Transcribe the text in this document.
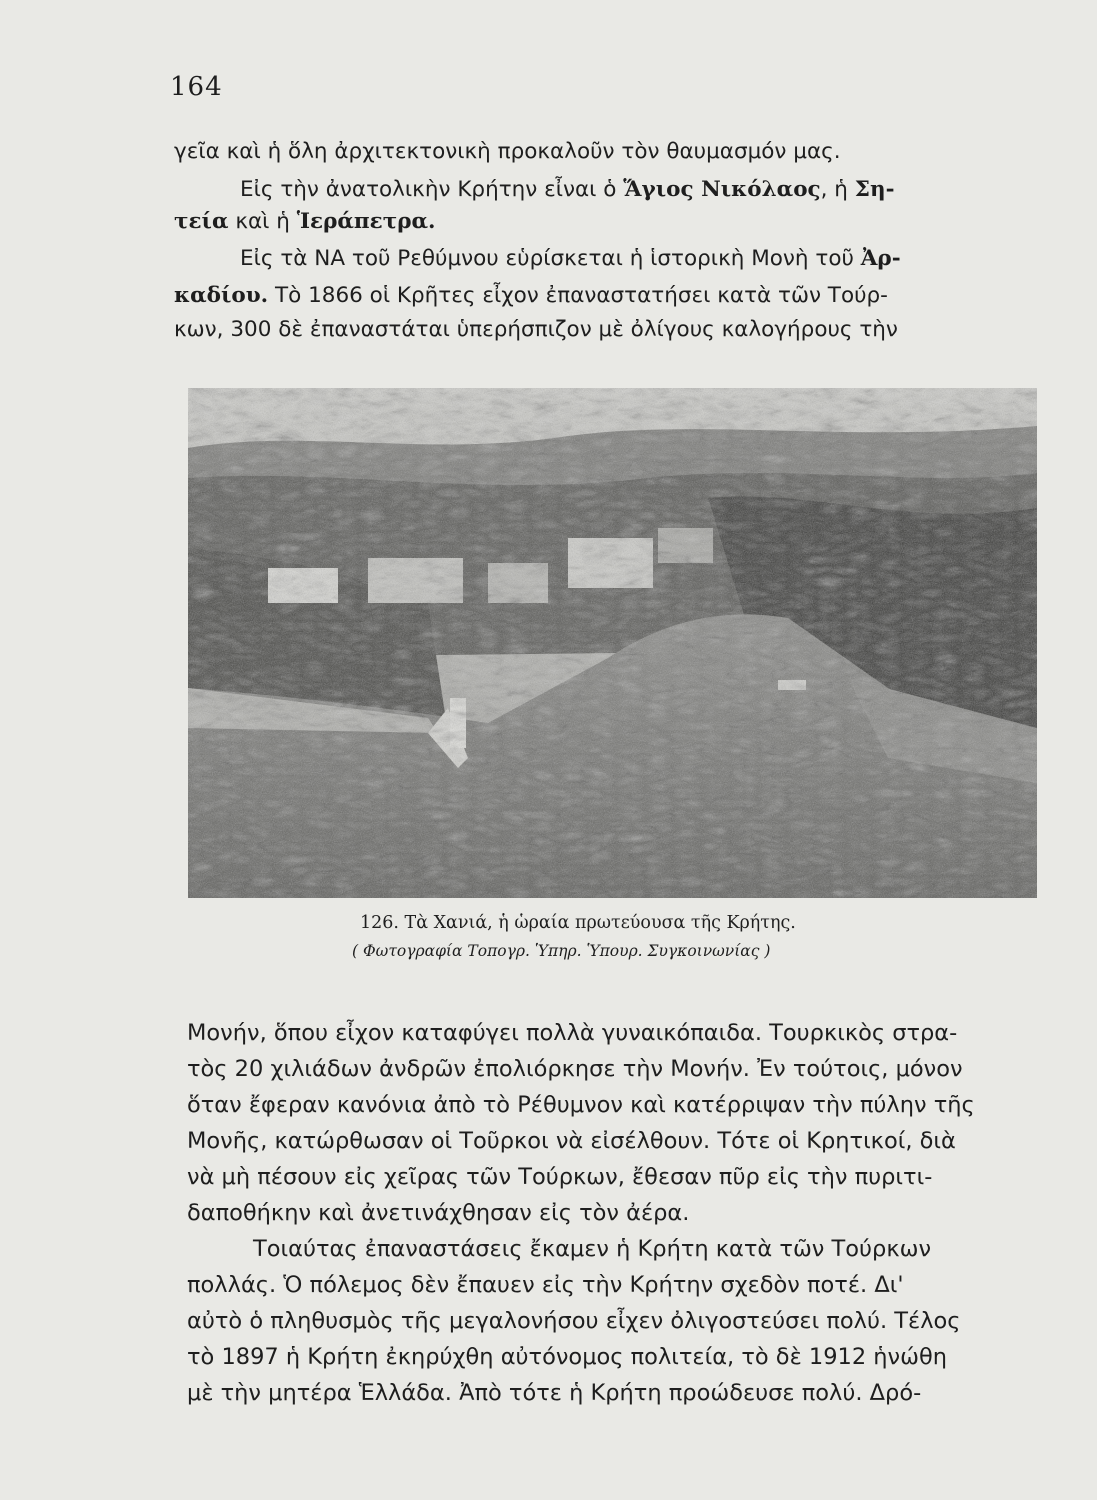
164

γεῖα καὶ ἡ ὅλη ἀρχιτεκτονικὴ προκαλοῦν τὸν θαυμασμόν μας.

Εἰς τὴν ἀνατολικὴν Κρήτην εἶναι ὁ Ἅγιος Νικόλαος, ἡ Ση-

τεία καὶ ἡ Ἱεράπετρα.

Εἰς τὰ ΝΑ τοῦ Ρεθύμνου εὑρίσκεται ἡ ἱστορικὴ Μονὴ τοῦ Ἀρ-

καδίου. Τὸ 1866 οἱ Κρῆτες εἶχον ἐπαναστατήσει κατὰ τῶν Τούρ-

κων, 300 δὲ ἐπαναστάται ὑπερήσπιζον μὲ ὀλίγους καλογήρους τὴν

126. Τὰ Χανιά, ἡ ὡραία πρωτεύουσα τῆς Κρήτης.
( Φωτογραφία Τοπογρ. Ὑπηρ. Ὑπουρ. Συγκοινωνίας )

Μονήν, ὅπου εἶχον καταφύγει πολλὰ γυναικόπαιδα. Τουρκικὸς στρα-

τὸς 20 χιλιάδων ἀνδρῶν ἐπολιόρκησε τὴν Μονήν. Ἐν τούτοις, μόνον

ὅταν ἔφεραν κανόνια ἀπὸ τὸ Ρέθυμνον καὶ κατέρριψαν τὴν πύλην τῆς

Μονῆς, κατώρθωσαν οἱ Τοῦρκοι νὰ εἰσέλθουν. Τότε οἱ Κρητικοί, διὰ

νὰ μὴ πέσουν εἰς χεῖρας τῶν Τούρκων, ἔθεσαν πῦρ εἰς τὴν πυριτι-

δαποθήκην καὶ ἀνετινάχθησαν εἰς τὸν ἀέρα.

Τοιαύτας ἐπαναστάσεις ἔκαμεν ἡ Κρήτη κατὰ τῶν Τούρκων

πολλάς. Ὁ πόλεμος δὲν ἔπαυεν εἰς τὴν Κρήτην σχεδὸν ποτέ. Δι'

αὐτὸ ὁ πληθυσμὸς τῆς μεγαλονήσου εἶχεν ὀλιγοστεύσει πολύ. Τέλος

τὸ 1897 ἡ Κρήτη ἐκηρύχθη αὐτόνομος πολιτεία, τὸ δὲ 1912 ἡνώθη

μὲ τὴν μητέρα Ἑλλάδα. Ἀπὸ τότε ἡ Κρήτη προώδευσε πολύ. Δρό-
